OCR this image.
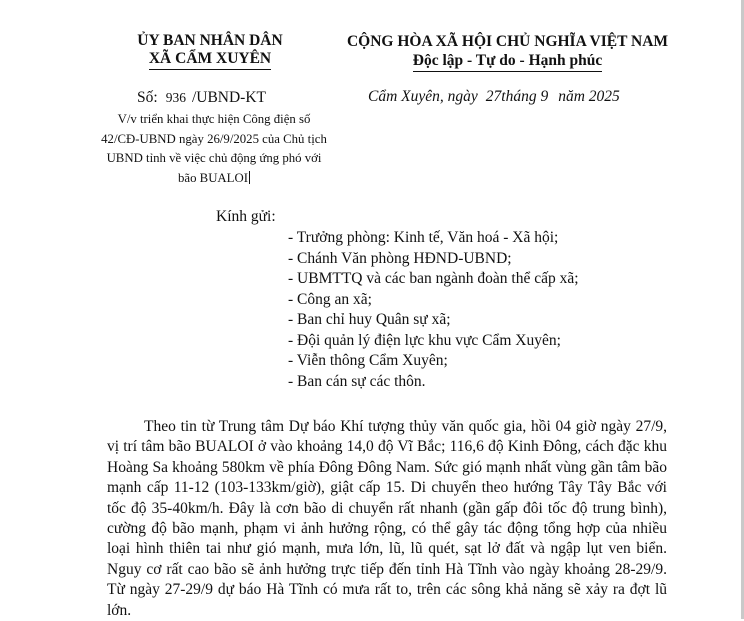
ỦY BAN NHÂN DÂN
XÃ CẨM XUYÊN
CỘNG HÒA XÃ HỘI CHỦ NGHĨA VIỆT NAM
Độc lập - Tự do - Hạnh phúc
Số: 936 /UBND-KT	Cẩm Xuyên, ngày 27tháng 9 năm 2025
V/v triển khai thực hiện Công điện số 42/CĐ-UBND ngày 26/9/2025 của Chủ tịch UBND tỉnh về việc chủ động ứng phó với bão BUALOI
Kính gửi:
- Trưởng phòng: Kinh tế, Văn hoá - Xã hội;
- Chánh Văn phòng HĐND-UBND;
- UBMTTQ và các ban ngành đoàn thể cấp xã;
- Công an xã;
- Ban chỉ huy Quân sự xã;
- Đội quản lý điện lực khu vực Cẩm Xuyên;
- Viễn thông Cẩm Xuyên;
- Ban cán sự các thôn.

Theo tin từ Trung tâm Dự báo Khí tượng thủy văn quốc gia, hồi 04 giờ ngày 27/9, vị trí tâm bão BUALOI ở vào khoảng 14,0 độ Vĩ Bắc; 116,6 độ Kinh Đông, cách đặc khu Hoàng Sa khoảng 580km về phía Đông Đông Nam. Sức gió mạnh nhất vùng gần tâm bão mạnh cấp 11-12 (103-133km/giờ), giật cấp 15. Di chuyển theo hướng Tây Tây Bắc với tốc độ 35-40km/h. Đây là cơn bão di chuyển rất nhanh (gần gấp đôi tốc độ trung bình), cường độ bão mạnh, phạm vi ảnh hưởng rộng, có thể gây tác động tổng hợp của nhiều loại hình thiên tai như gió mạnh, mưa lớn, lũ, lũ quét, sạt lở đất và ngập lụt ven biển. Nguy cơ rất cao bão sẽ ảnh hưởng trực tiếp đến tỉnh Hà Tĩnh vào ngày khoảng 28-29/9. Từ ngày 27-29/9 dự báo Hà Tĩnh có mưa rất to, trên các sông khả năng sẽ xảy ra đợt lũ lớn.
